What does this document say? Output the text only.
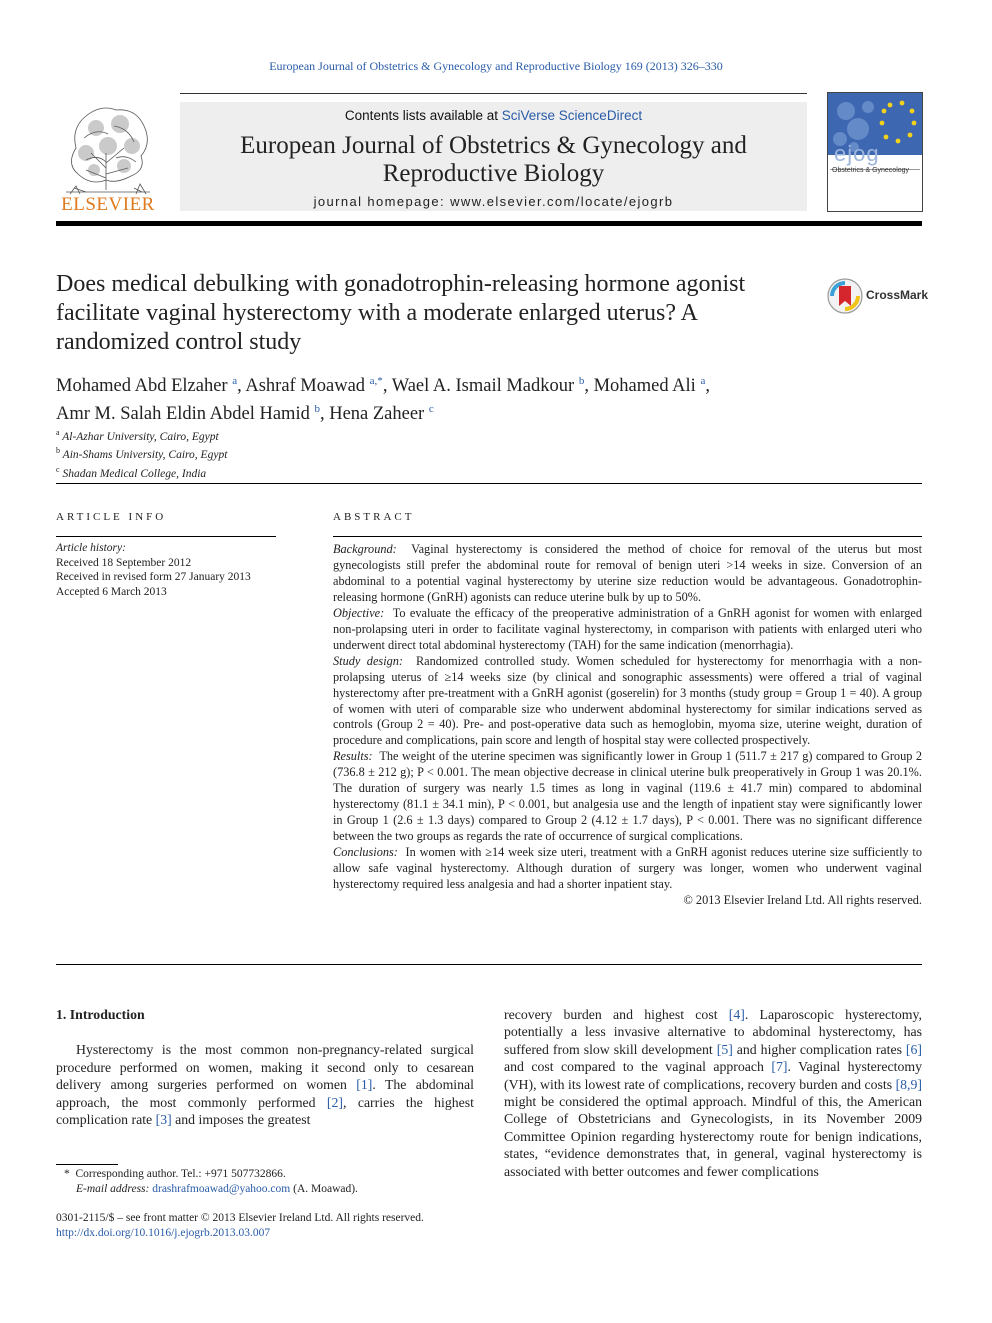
European Journal of Obstetrics & Gynecology and Reproductive Biology 169 (2013) 326–330
ELSEVIER
Contents lists available at SciVerse ScienceDirect
European Journal of Obstetrics & Gynecology and
Reproductive Biology
journal homepage: www.elsevier.com/locate/ejogrb
ejog
Obstetrics & Gynecology
Does medical debulking with gonadotrophin-releasing hormone agonist facilitate vaginal hysterectomy with a moderate enlarged uterus? A randomized control study
CrossMark
Mohamed Abd Elzaher $^a$, Ashraf Moawad $^{a,*}$, Wael A. Ismail Madkour $^b$, Mohamed Ali $^a$,
Amr M. Salah Eldin Abdel Hamid $^b$, Hena Zaheer $^c$
$^a$ Al-Azhar University, Cairo, Egypt
$^b$ Ain-Shams University, Cairo, Egypt
$^c$ Shadan Medical College, India
ARTICLE INFO
Article history:
Received 18 September 2012
Received in revised form 27 January 2013
Accepted 6 March 2013
ABSTRACT

Background: Vaginal hysterectomy is considered the method of choice for removal of the uterus but most gynecologists still prefer the abdominal route for removal of benign uteri >14 weeks in size. Conversion of an abdominal to a potential vaginal hysterectomy by uterine size reduction would be advantageous. Gonadotrophin-releasing hormone (GnRH) agonists can reduce uterine bulk by up to 50%.

Objective: To evaluate the efficacy of the preoperative administration of a GnRH agonist for women with enlarged non-prolapsing uteri in order to facilitate vaginal hysterectomy, in comparison with patients with enlarged uteri who underwent direct total abdominal hysterectomy (TAH) for the same indication (menorrhagia).

Study design: Randomized controlled study. Women scheduled for hysterectomy for menorrhagia with a non-prolapsing uterus of ≥14 weeks size (by clinical and sonographic assessments) were offered a trial of vaginal hysterectomy after pre-treatment with a GnRH agonist (goserelin) for 3 months (study group = Group 1 = 40). A group of women with uteri of comparable size who underwent abdominal hysterectomy for similar indications served as controls (Group 2 = 40). Pre- and post-operative data such as hemoglobin, myoma size, uterine weight, duration of procedure and complications, pain score and length of hospital stay were collected prospectively.

Results: The weight of the uterine specimen was significantly lower in Group 1 (511.7 ± 217 g) compared to Group 2 (736.8 ± 212 g); P < 0.001. The mean objective decrease in clinical uterine bulk preoperatively in Group 1 was 20.1%. The duration of surgery was nearly 1.5 times as long in vaginal (119.6 ± 41.7 min) compared to abdominal hysterectomy (81.1 ± 34.1 min), P < 0.001, but analgesia use and the length of inpatient stay were significantly lower in Group 1 (2.6 ± 1.3 days) compared to Group 2 (4.12 ± 1.7 days), P < 0.001. There was no significant difference between the two groups as regards the rate of occurrence of surgical complications.

Conclusions: In women with ≥14 week size uteri, treatment with a GnRH agonist reduces uterine size sufficiently to allow safe vaginal hysterectomy. Although duration of surgery was longer, women who underwent vaginal hysterectomy required less analgesia and had a shorter inpatient stay.

© 2013 Elsevier Ireland Ltd. All rights reserved.

1. Introduction

Hysterectomy is the most common non-pregnancy-related surgical procedure performed on women, making it second only to cesarean delivery among surgeries performed on women [1]. The abdominal approach, the most commonly performed [2], carries the highest complication rate [3] and imposes the greatest

recovery burden and highest cost [4]. Laparoscopic hysterectomy, potentially a less invasive alternative to abdominal hysterectomy, has suffered from slow skill development [5] and higher complication rates [6] and cost compared to the vaginal approach [7]. Vaginal hysterectomy (VH), with its lowest rate of complications, recovery burden and costs [8,9] might be considered the optimal approach. Mindful of this, the American College of Obstetricians and Gynecologists, in its November 2009 Committee Opinion regarding hysterectomy route for benign indications, states, “evidence demonstrates that, in general, vaginal hysterectomy is associated with better outcomes and fewer complications

* Corresponding author. Tel.: +971 507732866.
E-mail address: drashrafmoawad@yahoo.com (A. Moawad).
0301-2115/$ – see front matter © 2013 Elsevier Ireland Ltd. All rights reserved.
http://dx.doi.org/10.1016/j.ejogrb.2013.03.007
